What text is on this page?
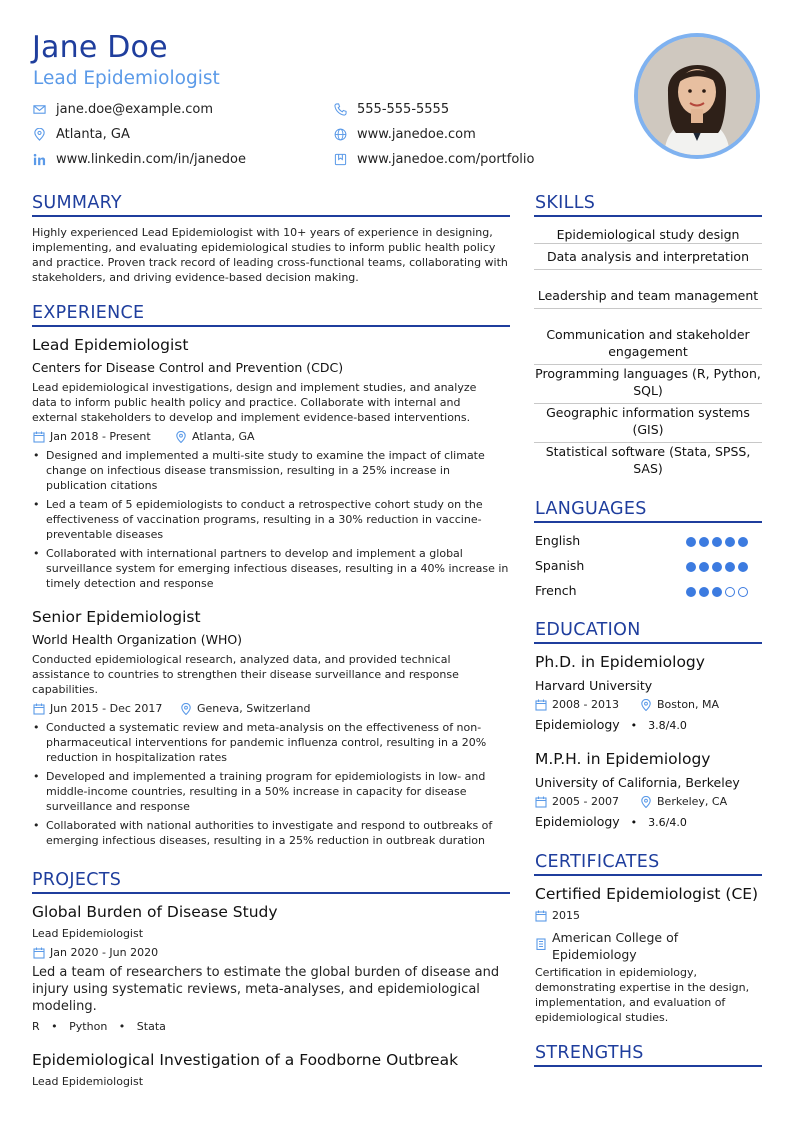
Jane Doe
Lead Epidemiologist
jane.doe@example.com	555-555-5555
Atlanta, GA	www.janedoe.com
www.linkedin.com/in/janedoe	www.janedoe.com/portfolio
SUMMARY
Highly experienced Lead Epidemiologist with 10+ years of experience in designing, implementing, and evaluating epidemiological studies to inform public health policy and practice. Proven track record of leading cross-functional teams, collaborating with stakeholders, and driving evidence-based decision making.
EXPERIENCE
Lead Epidemiologist
Centers for Disease Control and Prevention (CDC)
Lead epidemiological investigations, design and implement studies, and analyze data to inform public health policy and practice. Collaborate with internal and external stakeholders to develop and implement evidence-based interventions.
Jan 2018 - Present	Atlanta, GA
• Designed and implemented a multi-site study to examine the impact of climate change on infectious disease transmission, resulting in a 25% increase in publication citations
• Led a team of 5 epidemiologists to conduct a retrospective cohort study on the effectiveness of vaccination programs, resulting in a 30% reduction in vaccine-preventable diseases
• Collaborated with international partners to develop and implement a global surveillance system for emerging infectious diseases, resulting in a 40% increase in timely detection and response
Senior Epidemiologist
World Health Organization (WHO)
Conducted epidemiological research, analyzed data, and provided technical assistance to countries to strengthen their disease surveillance and response capabilities.
Jun 2015 - Dec 2017	Geneva, Switzerland
• Conducted a systematic review and meta-analysis on the effectiveness of non-pharmaceutical interventions for pandemic influenza control, resulting in a 20% reduction in hospitalization rates
• Developed and implemented a training program for epidemiologists in low- and middle-income countries, resulting in a 50% increase in capacity for disease surveillance and response
• Collaborated with national authorities to investigate and respond to outbreaks of emerging infectious diseases, resulting in a 25% reduction in outbreak duration
PROJECTS
Global Burden of Disease Study
Lead Epidemiologist
Jan 2020 - Jun 2020
Led a team of researchers to estimate the global burden of disease and injury using systematic reviews, meta-analyses, and epidemiological modeling.
R • Python • Stata
Epidemiological Investigation of a Foodborne Outbreak
Lead Epidemiologist
SKILLS
Epidemiological study design
Data analysis and interpretation
Leadership and team management
Communication and stakeholder engagement
Programming languages (R, Python, SQL)
Geographic information systems (GIS)
Statistical software (Stata, SPSS, SAS)
LANGUAGES
English
Spanish
French
EDUCATION
Ph.D. in Epidemiology
Harvard University
2008 - 2013	Boston, MA
Epidemiology • 3.8/4.0
M.P.H. in Epidemiology
University of California, Berkeley
2005 - 2007	Berkeley, CA
Epidemiology • 3.6/4.0
CERTIFICATES
Certified Epidemiologist (CE)
2015
American College of Epidemiology
Certification in epidemiology, demonstrating expertise in the design, implementation, and evaluation of epidemiological studies.
STRENGTHS
